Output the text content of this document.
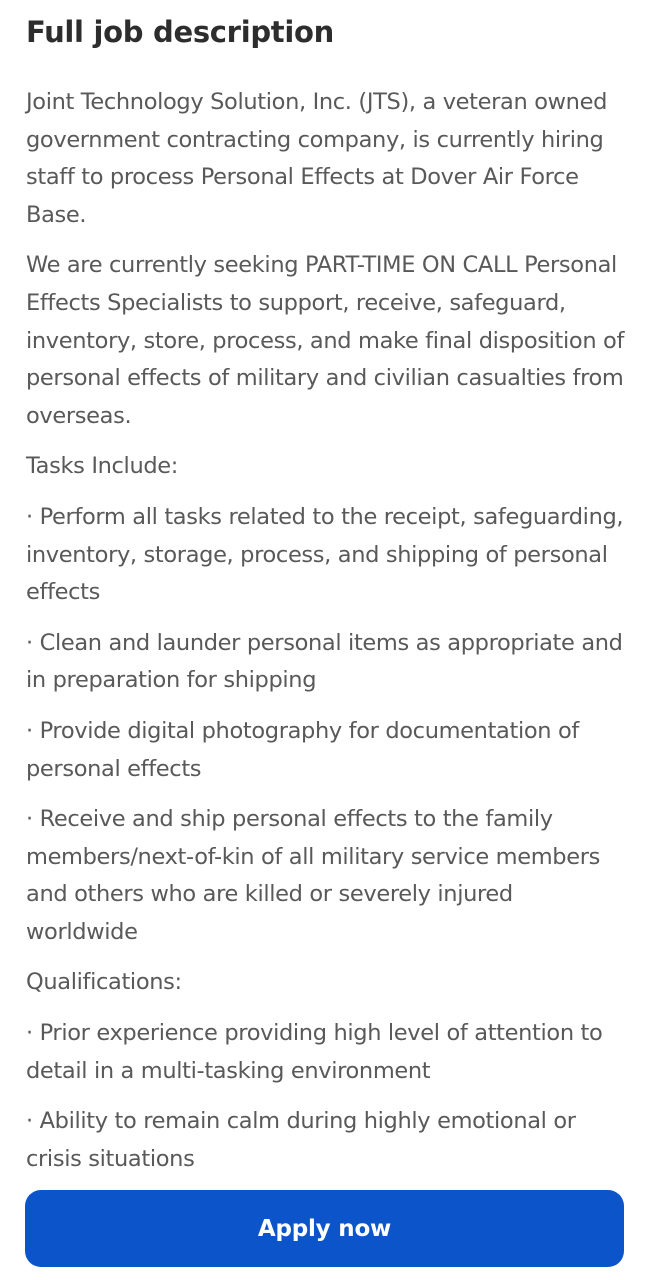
Full job description

Joint Technology Solution, Inc. (JTS), a veteran owned government contracting company, is currently hiring staff to process Personal Effects at Dover Air Force Base.

We are currently seeking PART-TIME ON CALL Personal Effects Specialists to support, receive, safeguard, inventory, store, process, and make final disposition of personal effects of military and civilian casualties from overseas.

Tasks Include:

· Perform all tasks related to the receipt, safeguarding, inventory, storage, process, and shipping of personal effects

· Clean and launder personal items as appropriate and in preparation for shipping

· Provide digital photography for documentation of personal effects

· Receive and ship personal effects to the family members/next-of-kin of all military service members and others who are killed or severely injured worldwide

Qualifications:

· Prior experience providing high level of attention to detail in a multi-tasking environment

· Ability to remain calm during highly emotional or crisis situations

Apply now
